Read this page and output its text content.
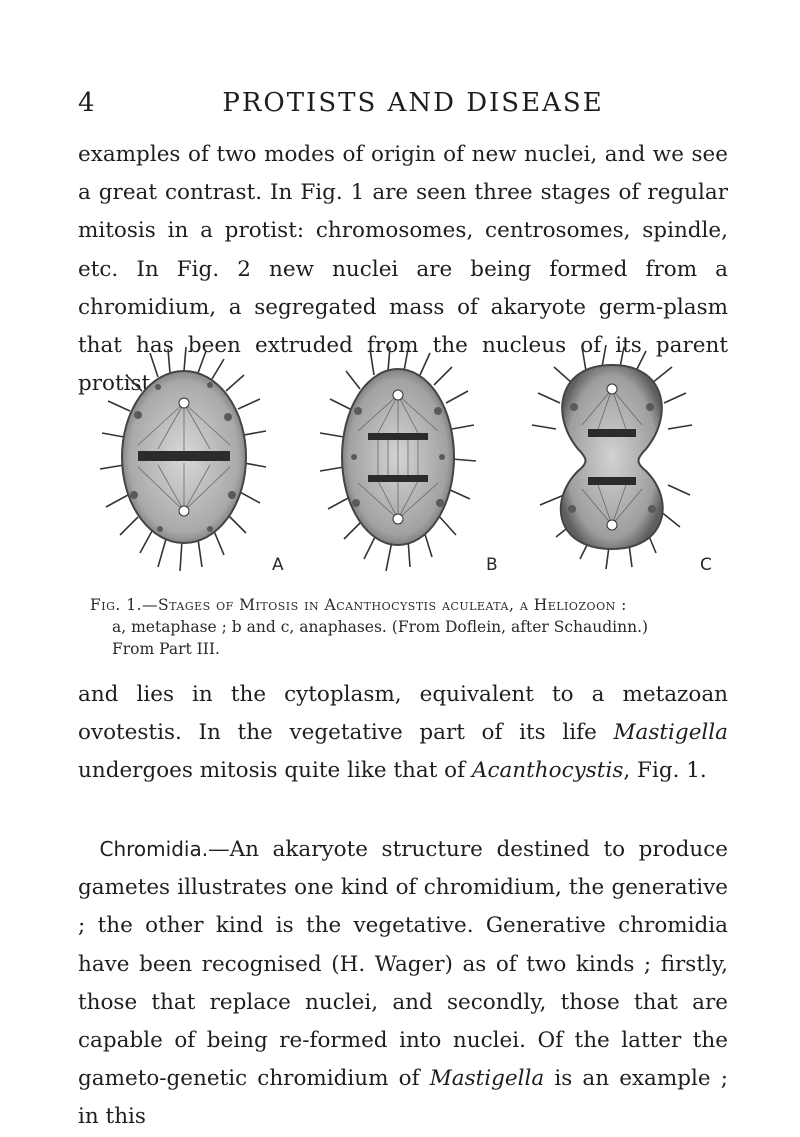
4	PROTISTS AND DISEASE

examples of two modes of origin of new nuclei, and we see a great contrast. In Fig. 1 are seen three stages of regular mitosis in a protist: chromosomes, centrosomes, spindle, etc. In Fig. 2 new nuclei are being formed from a chromidium, a segregated mass of akaryote germ-plasm that has been extruded from the nucleus of its parent protist

A	B	C
Fig. 1.—Stages of Mitosis in Acanthocystis aculeata, a Heliozoon :
a, metaphase ; b and c, anaphases. (From Doflein, after Schaudinn.)
From Part III.

and lies in the cytoplasm, equivalent to a metazoan ovotestis. In the vegetative part of its life Mastigella undergoes mitosis quite like that of Acanthocystis, Fig. 1.

 Chromidia.—An akaryote structure destined to produce gametes illustrates one kind of chromidium, the generative ; the other kind is the vegetative. Generative chromidia have been recognised (H. Wager) as of two kinds ; firstly, those that replace nuclei, and secondly, those that are capable of being re-formed into nuclei. Of the latter the gameto-genetic chromidium of Mastigella is an example ; in this
